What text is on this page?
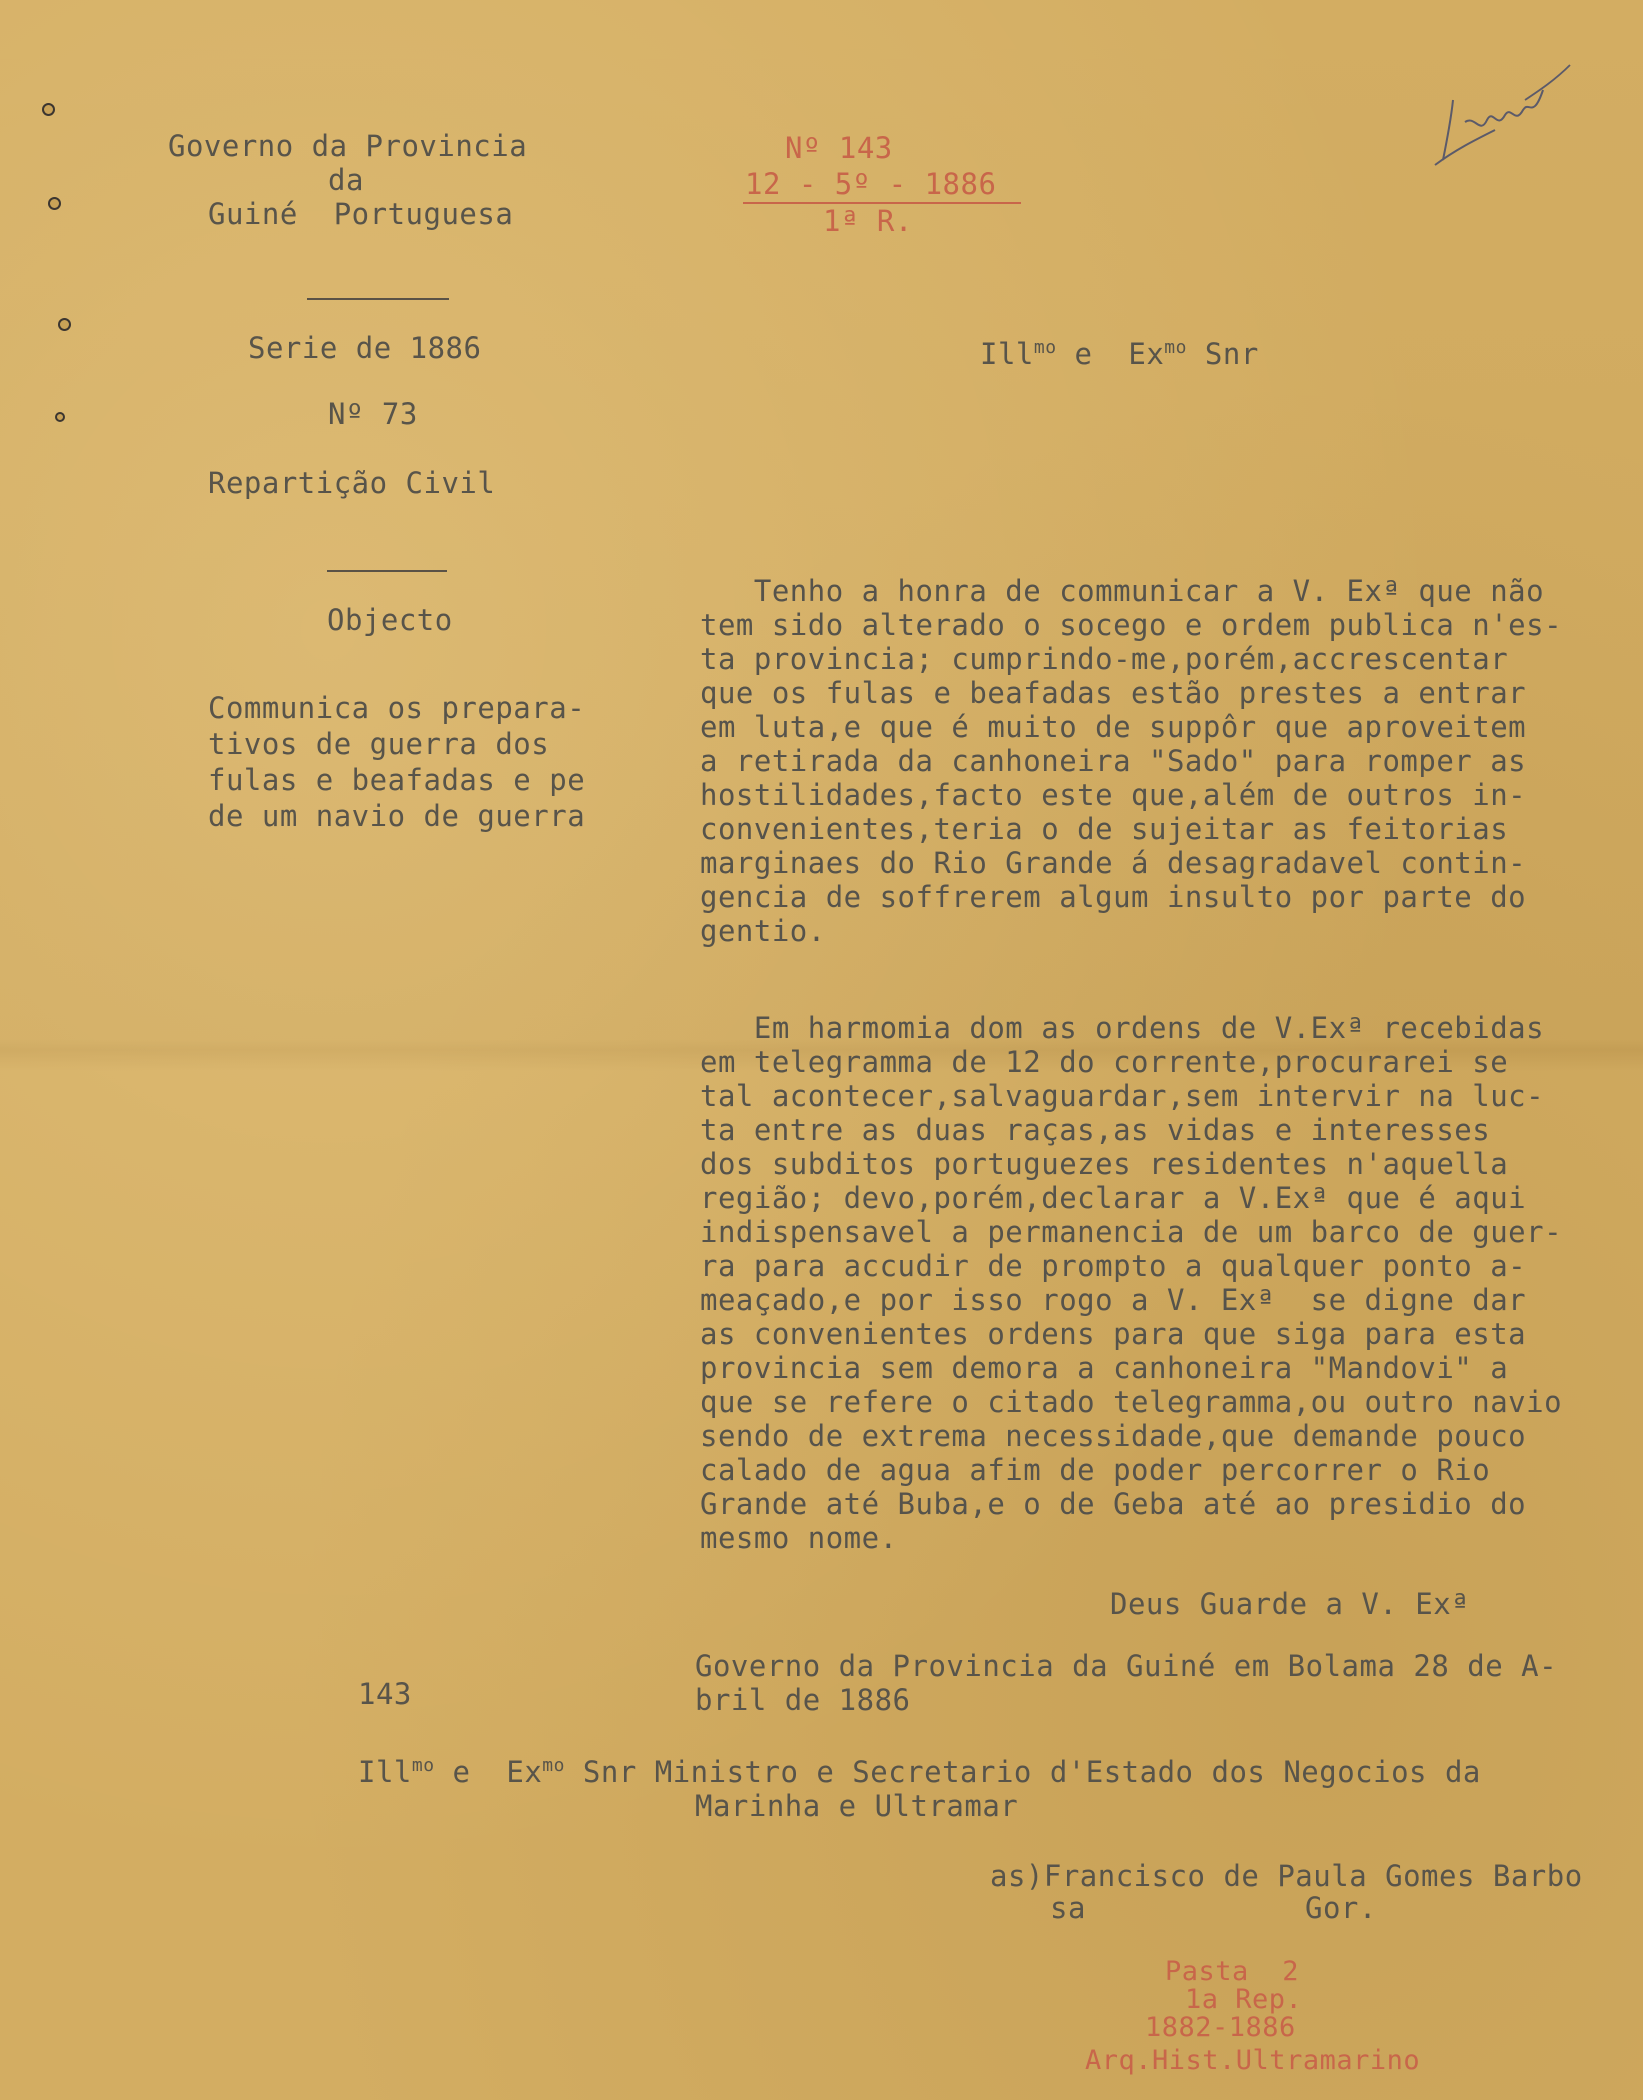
Governo da Provincia
da
Guiné  Portuguesa
Nº 143
12 - 5º - 1886
1ª R.
Serie de 1886
Nº 73
Repartição Civil
Objecto
Communica os prepara-
tivos de guerra dos
fulas e beafadas e pe
de um navio de guerra
Ill$^{mo}$ e  $Ex^{mo}$ Snr
Tenho a honra de communicar a V. Exª que não
tem sido alterado o socego e ordem publica n'es-
ta provincia; cumprindo-me,porém,accrescentar
que os fulas e beafadas estão prestes a entrar
em luta,e que é muito de suppôr que aproveitem
a retirada da canhoneira "Sado" para romper as
hostilidades,facto este que,além de outros in-
convenientes,teria o de sujeitar as feitorias
marginaes do Rio Grande á desagradavel contin-
gencia de soffrerem algum insulto por parte do
gentio.
Em harmomia dom as ordens de V.Exª recebidas
em telegramma de 12 do corrente,procurarei se
tal acontecer,salvaguardar,sem intervir na luc-
ta entre as duas raças,as vidas e interesses
dos subditos portuguezes residentes n'aquella
região; devo,porém,declarar a V.Exª que é aqui
indispensavel a permanencia de um barco de guer-
ra para accudir de prompto a qualquer ponto a-
meaçado,e por isso rogo a V. Exª  se digne dar
as convenientes ordens para que siga para esta
provincia sem demora a canhoneira "Mandovi" a
que se refere o citado telegramma,ou outro navio
sendo de extrema necessidade,que demande pouco
calado de agua afim de poder percorrer o Rio
Grande até Buba,e o de Geba até ao presidio do
mesmo nome.
Deus Guarde a V. Exª
Governo da Provincia da Guiné em Bolama 28 de A-
bril de 1886
143
Ill$^{mo}$ e  $Ex^{mo}$ Snr Ministro e Secretario d'Estado dos Negocios da
Marinha e Ultramar
as)Francisco de Paula Gomes Barbo
sa	Gor.
Pasta  2
1a Rep.
1882-1886
Arq.Hist.Ultramarino
